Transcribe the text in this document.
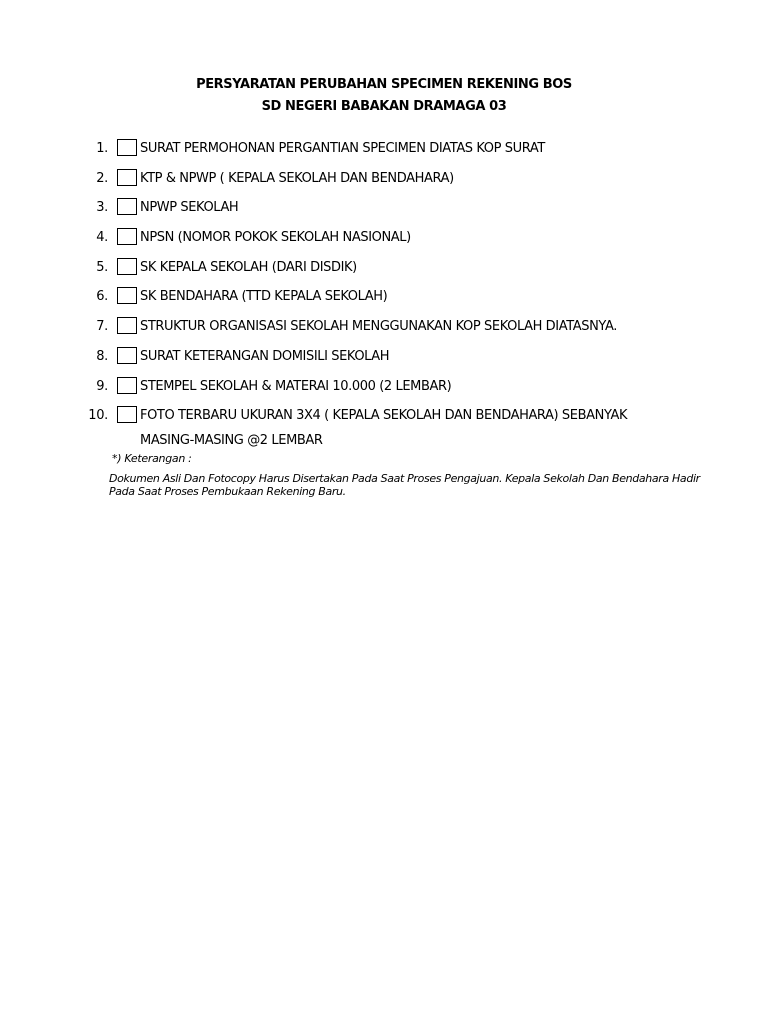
PERSYARATAN PERUBAHAN SPECIMEN REKENING BOS
SD NEGERI BABAKAN DRAMAGA 03
1. SURAT PERMOHONAN PERGANTIAN SPECIMEN DIATAS KOP SURAT
2. KTP & NPWP ( KEPALA SEKOLAH DAN BENDAHARA)
3. NPWP SEKOLAH
4. NPSN (NOMOR POKOK SEKOLAH NASIONAL)
5. SK KEPALA SEKOLAH (DARI DISDIK)
6. SK BENDAHARA (TTD KEPALA SEKOLAH)
7. STRUKTUR ORGANISASI SEKOLAH MENGGUNAKAN KOP SEKOLAH DIATASNYA.
8. SURAT KETERANGAN DOMISILI SEKOLAH
9. STEMPEL SEKOLAH & MATERAI 10.000 (2 LEMBAR)
10. FOTO TERBARU UKURAN 3X4 ( KEPALA SEKOLAH DAN BENDAHARA) SEBANYAK
MASING-MASING @2 LEMBAR
*) Keterangan :
Dokumen Asli Dan Fotocopy Harus Disertakan Pada Saat Proses Pengajuan. Kepala Sekolah Dan Bendahara Hadir Pada Saat Proses Pembukaan Rekening Baru.
